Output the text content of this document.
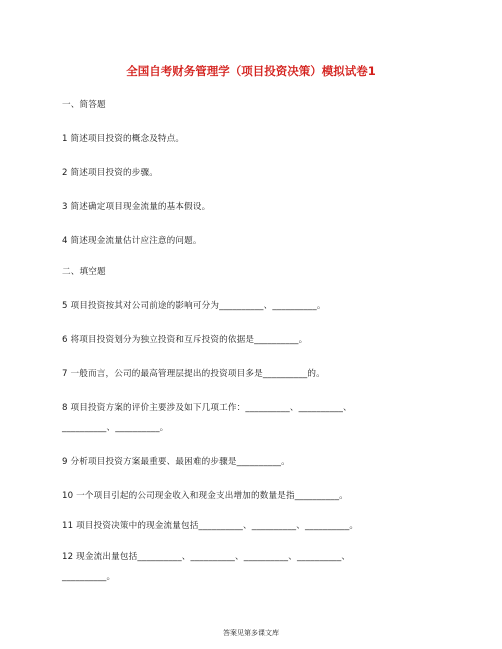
全国自考财务管理学（项目投资决策）模拟试卷1
一、简答题
1 简述项目投资的概念及特点。
2 简述项目投资的步骤。
3 简述确定项目现金流量的基本假设。
4 简述现金流量估计应注意的问题。
二、填空题
5 项目投资按其对公司前途的影响可分为__________、__________。
6 将项目投资划分为独立投资和互斥投资的依据是__________。
7 一般而言，公司的最高管理层提出的投资项目多是__________的。
8 项目投资方案的评价主要涉及如下几项工作：__________、__________、
__________、__________。
9 分析项目投资方案最重要、最困难的步骤是__________。
10 一个项目引起的公司现金收入和现金支出增加的数量是指__________。
11 项目投资决策中的现金流量包括__________、__________、__________。
12 现金流出量包括__________、__________、__________、__________、
__________。
答案见第多课文库
